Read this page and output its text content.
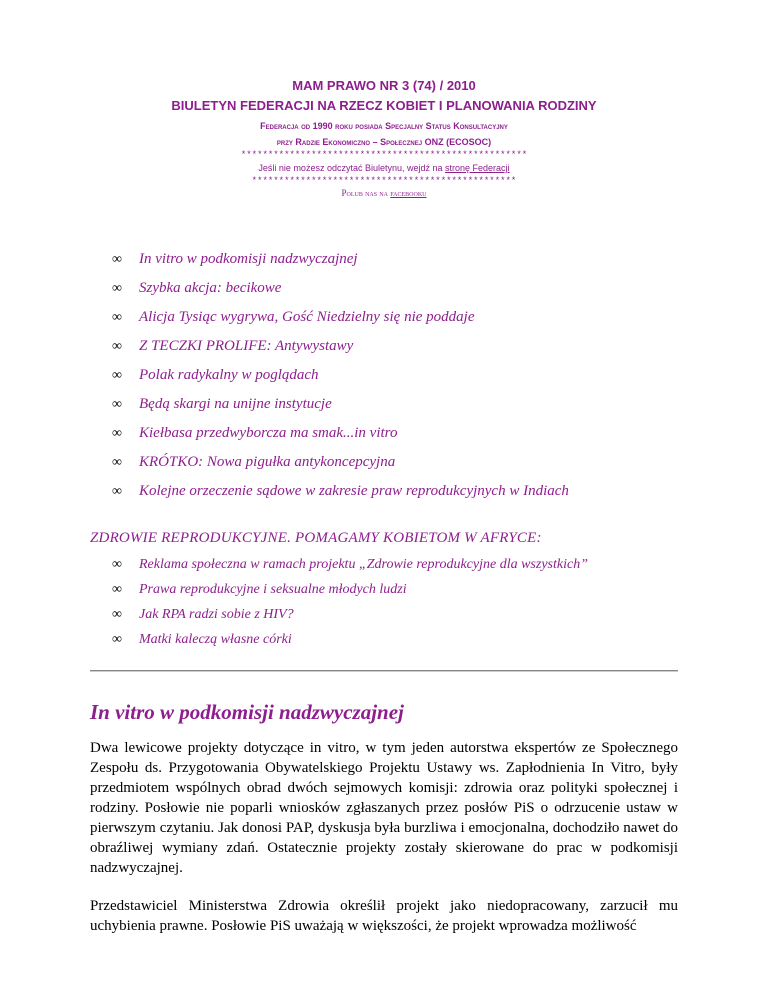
MAM PRAWO NR 3 (74) / 2010
BIULETYN FEDERACJI NA RZECZ KOBIET I PLANOWANIA RODZINY
Federacja od 1990 roku posiada Specjalny Status Konsultacyjny
przy Radzie Ekonomiczno – Społecznej ONZ (ECOSOC)
*****************************************************
Jeśli nie możesz odczytać Biuletynu, wejdź na stronę Federacji
*************************************************
Polub nas na facebooku
∞ In vitro w podkomisji nadzwyczajnej
∞ Szybka akcja: becikowe
∞ Alicja Tysiąc wygrywa, Gość Niedzielny się nie poddaje
∞ Z TECZKI PROLIFE: Antywystawy
∞ Polak radykalny w poglądach
∞ Będą skargi na unijne instytucje
∞ Kiełbasa przedwyborcza ma smak...in vitro
∞ KRÓTKO: Nowa pigułka antykoncepcyjna
∞ Kolejne orzeczenie sądowe w zakresie praw reprodukcyjnych w Indiach
ZDROWIE REPRODUKCYJNE. POMAGAMY KOBIETOM W AFRYCE:
∞ Reklama społeczna w ramach projektu „Zdrowie reprodukcyjne dla wszystkich”
∞ Prawa reprodukcyjne i seksualne młodych ludzi
∞ Jak RPA radzi sobie z HIV?
∞ Matki kaleczą własne córki
In vitro w podkomisji nadzwyczajnej
Dwa lewicowe projekty dotyczące in vitro, w tym jeden autorstwa ekspertów ze Społecznego Zespołu ds. Przygotowania Obywatelskiego Projektu Ustawy ws. Zapłodnienia In Vitro, były przedmiotem wspólnych obrad dwóch sejmowych komisji: zdrowia oraz polityki społecznej i rodziny. Posłowie nie poparli wniosków zgłaszanych przez posłów PiS o odrzucenie ustaw w pierwszym czytaniu. Jak donosi PAP, dyskusja była burzliwa i emocjonalna, dochodziło nawet do obraźliwej wymiany zdań. Ostatecznie projekty zostały skierowane do prac w podkomisji nadzwyczajnej.
Przedstawiciel Ministerstwa Zdrowia określił projekt jako niedopracowany, zarzucił mu uchybienia prawne. Posłowie PiS uważają w większości, że projekt wprowadza możliwość
